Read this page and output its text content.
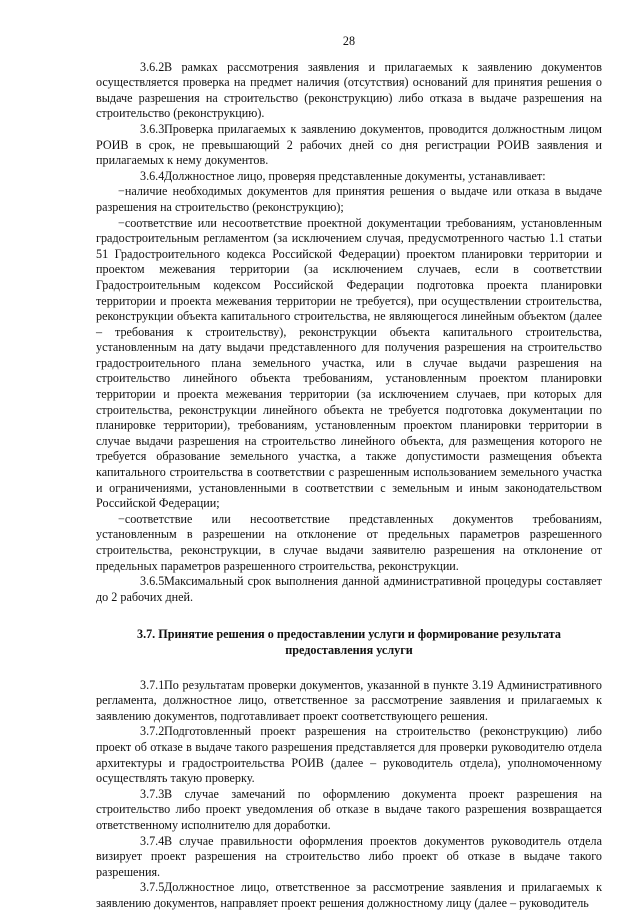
28

3.6.2В рамках рассмотрения заявления и прилагаемых к заявлению документов осуществляется проверка на предмет наличия (отсутствия) оснований для принятия решения о выдаче разрешения на строительство (реконструкцию) либо отказа в выдаче разрешения на строительство (реконструкцию).

3.6.3Проверка прилагаемых к заявлению документов, проводится должностным лицом РОИВ в срок, не превышающий 2 рабочих дней со дня регистрации РОИВ заявления и прилагаемых к нему документов.

3.6.4Должностное лицо, проверяя представленные документы, устанавливает:

−наличие необходимых документов для принятия решения о выдаче или отказа в выдаче разрешения на строительство (реконструкцию);

−соответствие или несоответствие проектной документации требованиям, установленным градостроительным регламентом (за исключением случая, предусмотренного частью 1.1 статьи 51 Градостроительного кодекса Российской Федерации) проектом планировки территории и проектом межевания территории (за исключением случаев, если в соответствии Градостроительным кодексом Российской Федерации подготовка проекта планировки территории и проекта межевания территории не требуется), при осуществлении строительства, реконструкции объекта капитального строительства, не являющегося линейным объектом (далее – требования к строительству), реконструкции объекта капитального строительства, установленным на дату выдачи представленного для получения разрешения на строительство градостроительного плана земельного участка, или в случае выдачи разрешения на строительство линейного объекта требованиям, установленным проектом планировки территории и проекта межевания территории (за исключением случаев, при которых для строительства, реконструкции линейного объекта не требуется подготовка документации по планировке территории), требованиям, установленным проектом планировки территории в случае выдачи разрешения на строительство линейного объекта, для размещения которого не требуется образование земельного участка, а также допустимости размещения объекта капитального строительства в соответствии с разрешенным использованием земельного участка и ограничениями, установленными в соответствии с земельным и иным законодательством Российской Федерации;

−соответствие или несоответствие представленных документов требованиям, установленным в разрешении на отклонение от предельных параметров разрешенного строительства, реконструкции, в случае выдачи заявителю разрешения на отклонение от предельных параметров разрешенного строительства, реконструкции.

3.6.5Максимальный срок выполнения данной административной процедуры составляет до 2 рабочих дней.

3.7. Принятие решения о предоставлении услуги и формирование результата предоставления услуги

3.7.1По результатам проверки документов, указанной в пункте 3.19 Административного регламента, должностное лицо, ответственное за рассмотрение заявления и прилагаемых к заявлению документов, подготавливает проект соответствующего решения.

3.7.2Подготовленный проект разрешения на строительство (реконструкцию) либо проект об отказе в выдаче такого разрешения представляется для проверки руководителю отдела архитектуры и градостроительства РОИВ (далее – руководитель отдела), уполномоченному осуществлять такую проверку.

3.7.3В случае замечаний по оформлению документа проект разрешения на строительство либо проект уведомления об отказе в выдаче такого разрешения возвращается ответственному исполнителю для доработки.

3.7.4В случае правильности оформления проектов документов руководитель отдела визирует проект разрешения на строительство либо проект об отказе в выдаче такого разрешения.

3.7.5Должностное лицо, ответственное за рассмотрение заявления и прилагаемых к заявлению документов, направляет проект решения должностному лицу (далее – руководитель
